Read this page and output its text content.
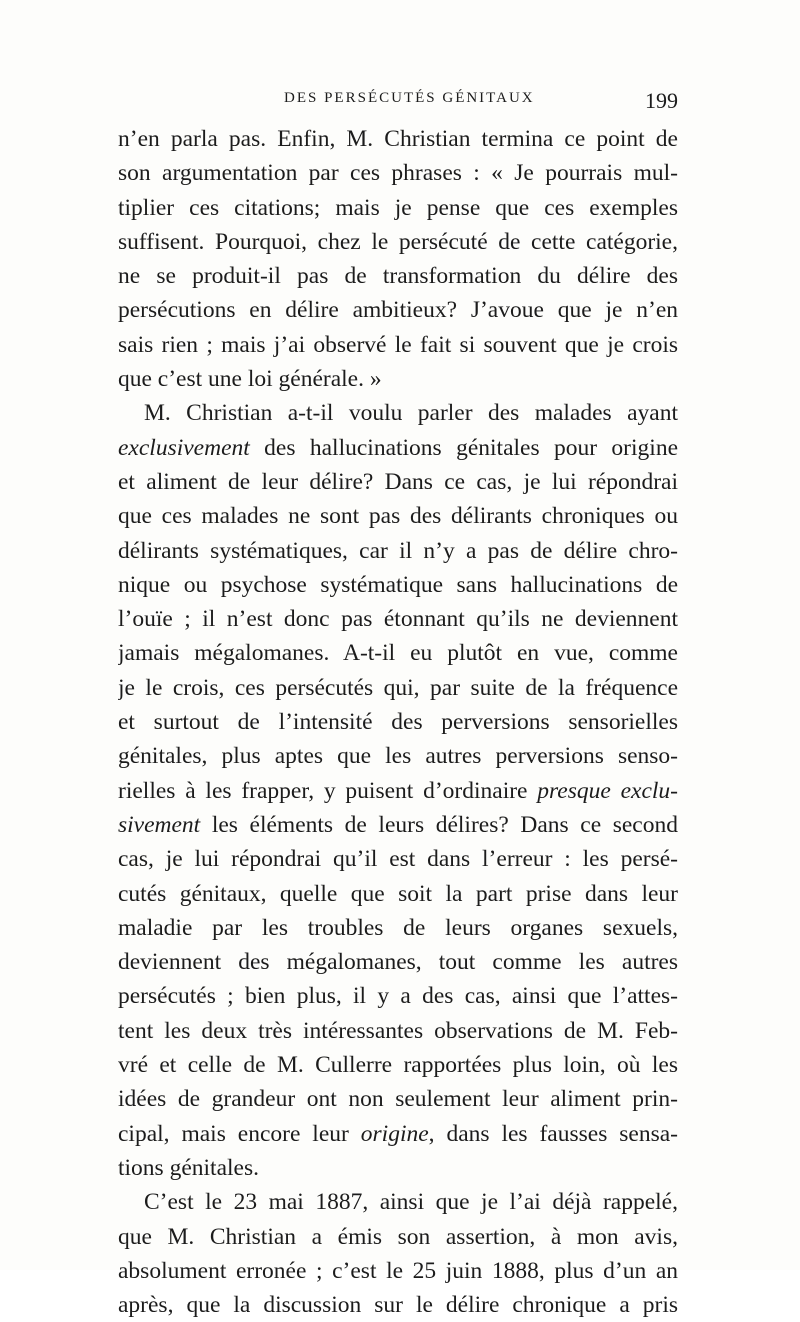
DES PERSÉCUTÉS GÉNITAUX	199
n’en parla pas. Enfin, M. Christian termina ce point de
son argumentation par ces phrases : « Je pourrais mul-
tiplier ces citations; mais je pense que ces exemples
suffisent. Pourquoi, chez le persécuté de cette catégorie,
ne se produit-il pas de transformation du délire des
persécutions en délire ambitieux? J’avoue que je n’en
sais rien ; mais j’ai observé le fait si souvent que je crois
que c’est une loi générale. »
M. Christian a-t-il voulu parler des malades ayant
exclusivement des hallucinations génitales pour origine
et aliment de leur délire? Dans ce cas, je lui répondrai
que ces malades ne sont pas des délirants chroniques ou
délirants systématiques, car il n’y a pas de délire chro-
nique ou psychose systématique sans hallucinations de
l’ouïe ; il n’est donc pas étonnant qu’ils ne deviennent
jamais mégalomanes. A-t-il eu plutôt en vue, comme
je le crois, ces persécutés qui, par suite de la fréquence
et surtout de l’intensité des perversions sensorielles
génitales, plus aptes que les autres perversions senso-
rielles à les frapper, y puisent d’ordinaire presque exclu-
sivement les éléments de leurs délires? Dans ce second
cas, je lui répondrai qu’il est dans l’erreur : les persé-
cutés génitaux, quelle que soit la part prise dans leur
maladie par les troubles de leurs organes sexuels,
deviennent des mégalomanes, tout comme les autres
persécutés ; bien plus, il y a des cas, ainsi que l’attes-
tent les deux très intéressantes observations de M. Feb-
vré et celle de M. Cullerre rapportées plus loin, où les
idées de grandeur ont non seulement leur aliment prin-
cipal, mais encore leur origine, dans les fausses sensa-
tions génitales.
C’est le 23 mai 1887, ainsi que je l’ai déjà rappelé,
que M. Christian a émis son assertion, à mon avis,
absolument erronée ; c’est le 25 juin 1888, plus d’un an
après, que la discussion sur le délire chronique a pris
